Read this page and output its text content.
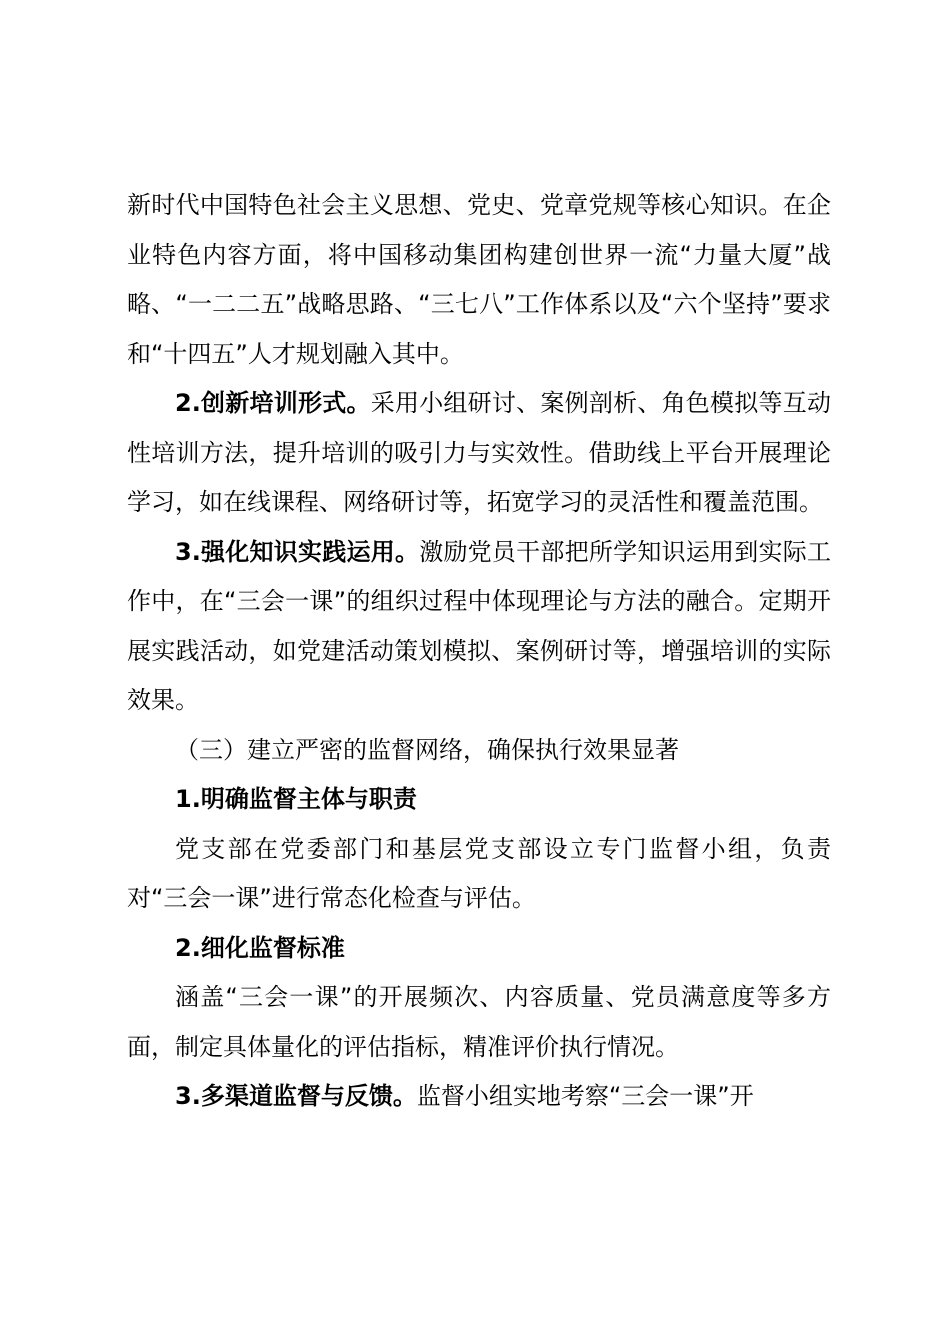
新时代中国特色社会主义思想、党史、党章党规等核心知识。在企业特色内容方面，将中国移动集团构建创世界一流“力量大厦”战略、“一二二五”战略思路、“三七八”工作体系以及“六个坚持”要求和“十四五”人才规划融入其中。

2.创新培训形式。采用小组研讨、案例剖析、角色模拟等互动性培训方法，提升培训的吸引力与实效性。借助线上平台开展理论学习，如在线课程、网络研讨等，拓宽学习的灵活性和覆盖范围。

3.强化知识实践运用。激励党员干部把所学知识运用到实际工作中，在“三会一课”的组织过程中体现理论与方法的融合。定期开展实践活动，如党建活动策划模拟、案例研讨等，增强培训的实际效果。

（三）建立严密的监督网络，确保执行效果显著

1.明确监督主体与职责

党支部在党委部门和基层党支部设立专门监督小组，负责对“三会一课”进行常态化检查与评估。

2.细化监督标准

涵盖“三会一课”的开展频次、内容质量、党员满意度等多方面，制定具体量化的评估指标，精准评价执行情况。

3.多渠道监督与反馈。监督小组实地考察“三会一课”开
